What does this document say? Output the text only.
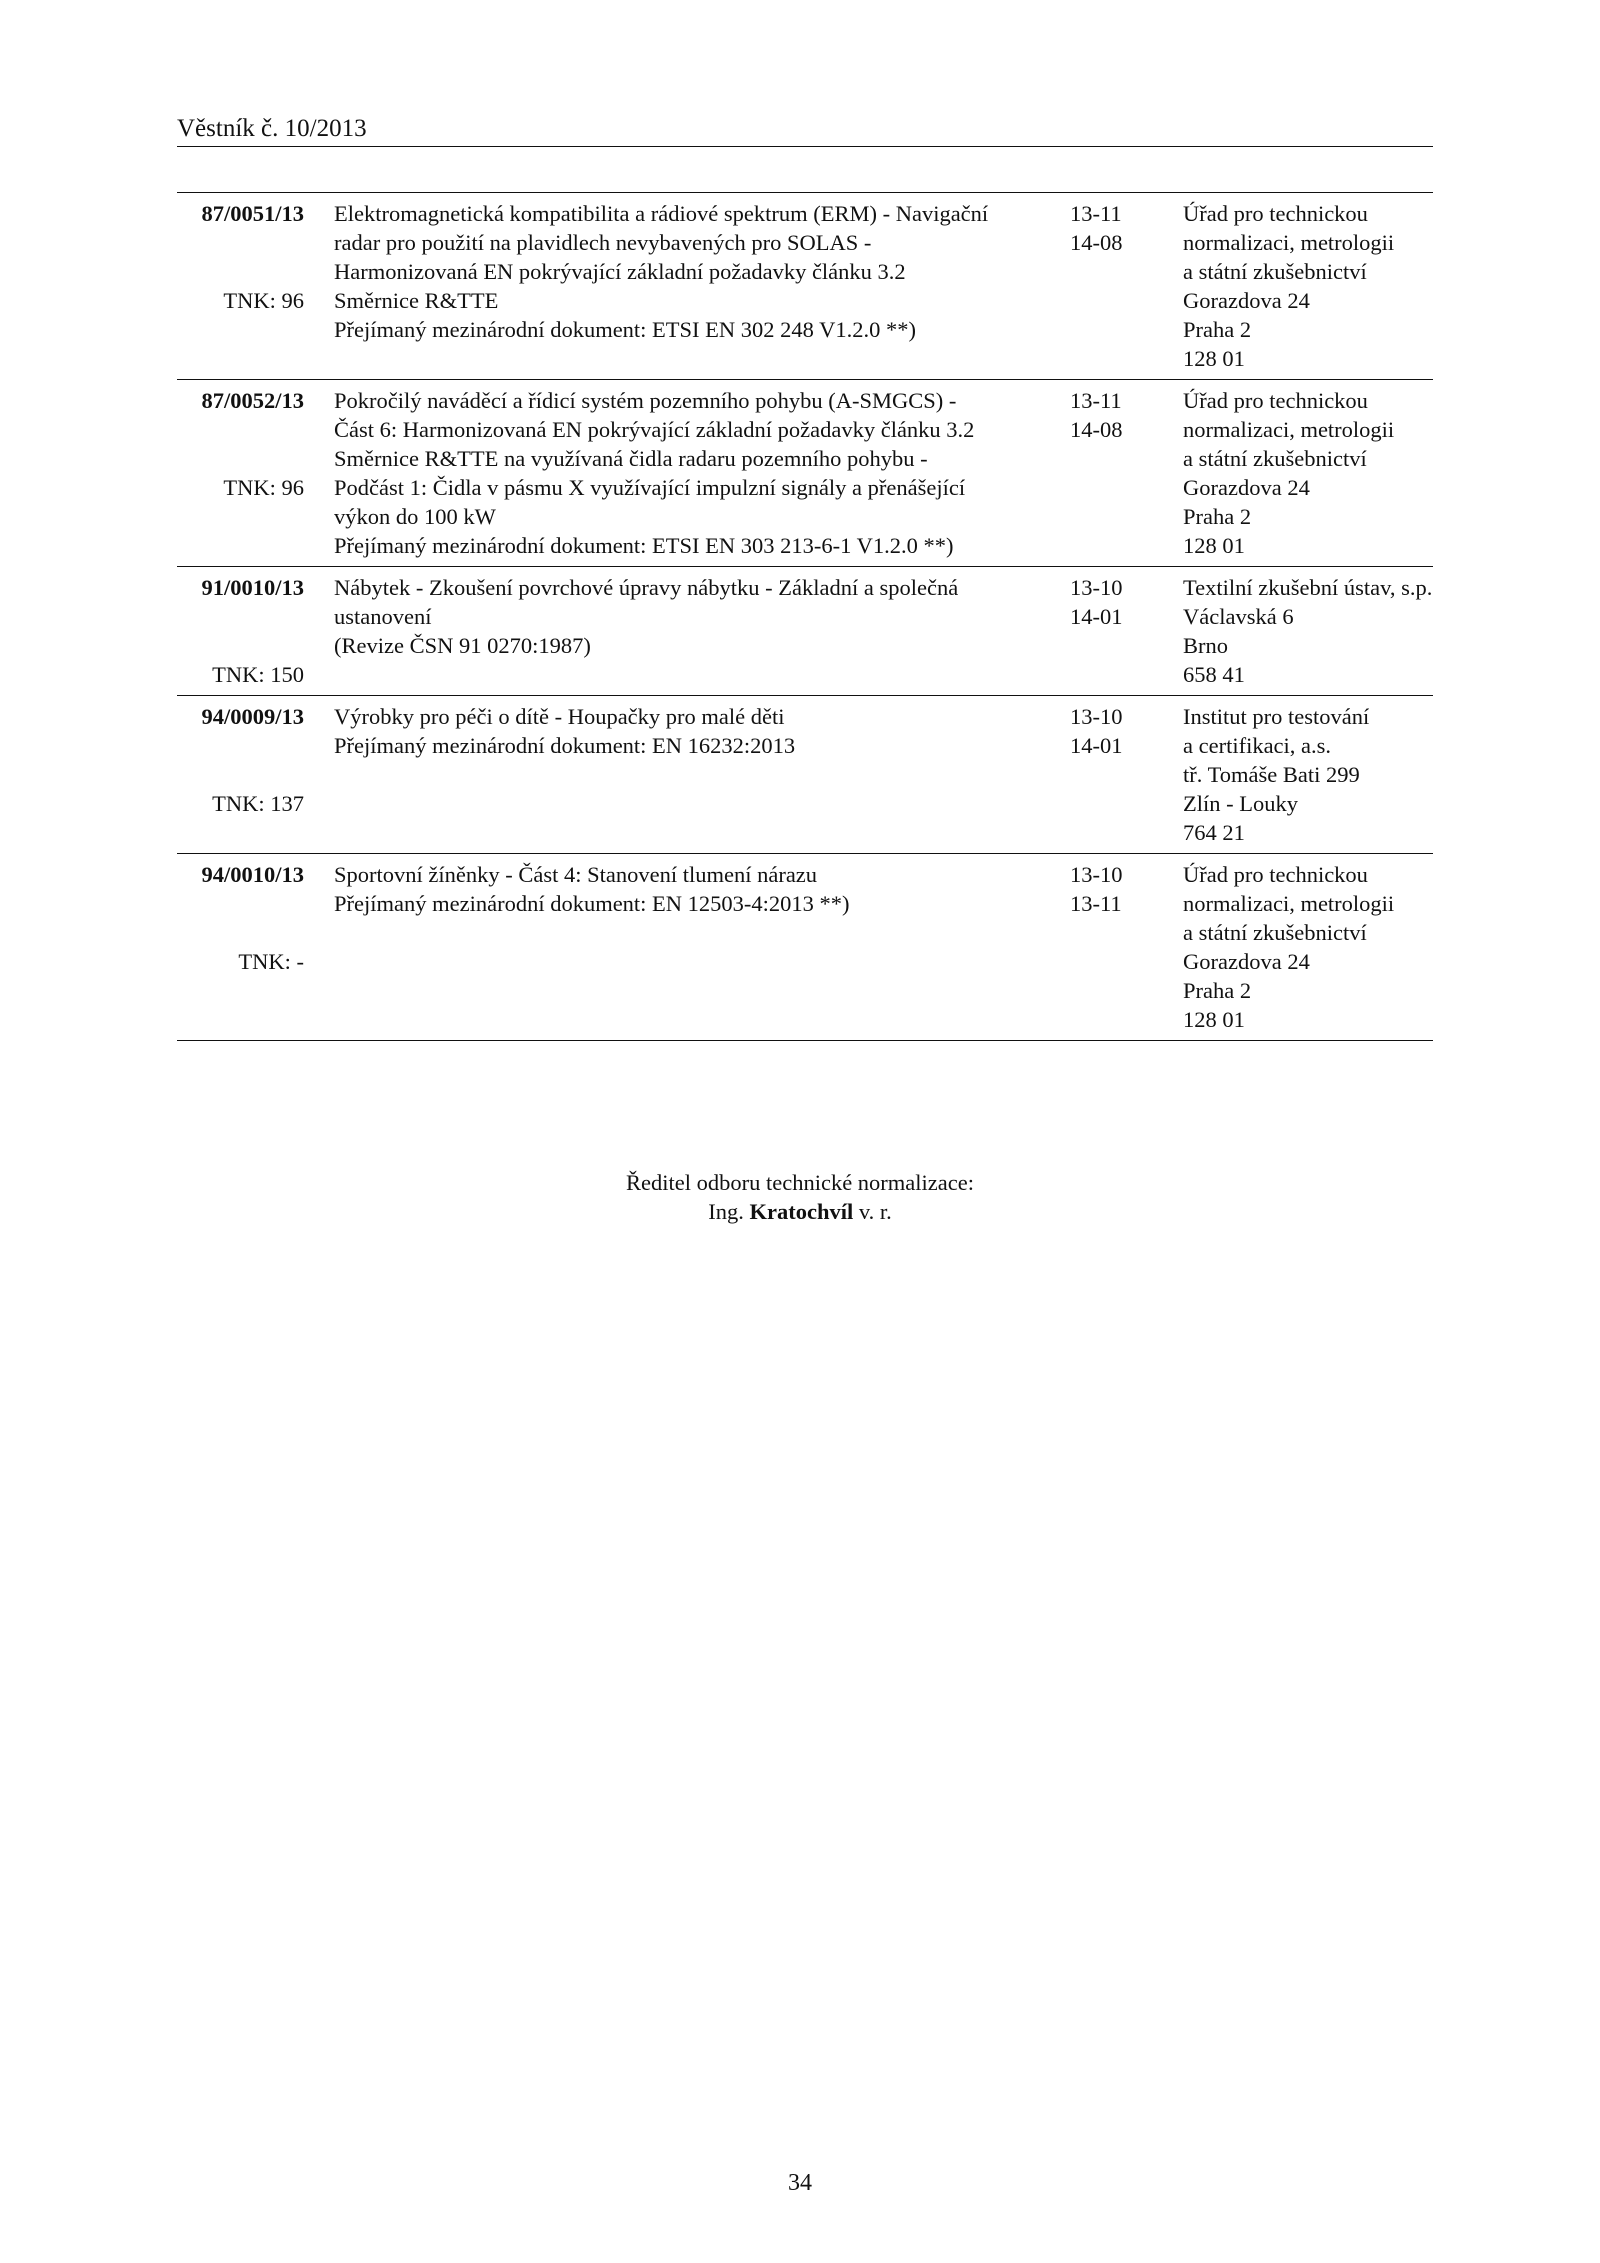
Věstník č. 10/2013
87/0051/13
TNK: 96
Elektromagnetická kompatibilita a rádiové spektrum (ERM) - Navigační
radar pro použití na plavidlech nevybavených pro SOLAS -
Harmonizovaná EN pokrývající základní požadavky článku 3.2
Směrnice R&TTE
Přejímaný mezinárodní dokument: ETSI EN 302 248 V1.2.0 **)
13-11
14-08
Úřad pro technickou
normalizaci, metrologii
a státní zkušebnictví
Gorazdova 24
Praha 2
128 01
87/0052/13
TNK: 96
Pokročilý naváděcí a řídicí systém pozemního pohybu (A-SMGCS) -
Část 6: Harmonizovaná EN pokrývající základní požadavky článku 3.2
Směrnice R&TTE na využívaná čidla radaru pozemního pohybu -
Podčást 1: Čidla v pásmu X využívající impulzní signály a přenášející
výkon do 100 kW
Přejímaný mezinárodní dokument: ETSI EN 303 213-6-1 V1.2.0 **)
13-11
14-08
Úřad pro technickou
normalizaci, metrologii
a státní zkušebnictví
Gorazdova 24
Praha 2
128 01
91/0010/13
TNK: 150
Nábytek - Zkoušení povrchové úpravy nábytku - Základní a společná
ustanovení
(Revize ČSN 91 0270:1987)
13-10
14-01
Textilní zkušební ústav, s.p.
Václavská 6
Brno
658 41
94/0009/13
TNK: 137
Výrobky pro péči o dítě - Houpačky pro malé děti
Přejímaný mezinárodní dokument: EN 16232:2013
13-10
14-01
Institut pro testování
a certifikaci, a.s.
tř. Tomáše Bati 299
Zlín - Louky
764 21
94/0010/13
TNK: -
Sportovní žíněnky - Část 4: Stanovení tlumení nárazu
Přejímaný mezinárodní dokument: EN 12503-4:2013 **)
13-10
13-11
Úřad pro technickou
normalizaci, metrologii
a státní zkušebnictví
Gorazdova 24
Praha 2
128 01
Ředitel odboru technické normalizace:
Ing. Kratochvíl v. r.
34
